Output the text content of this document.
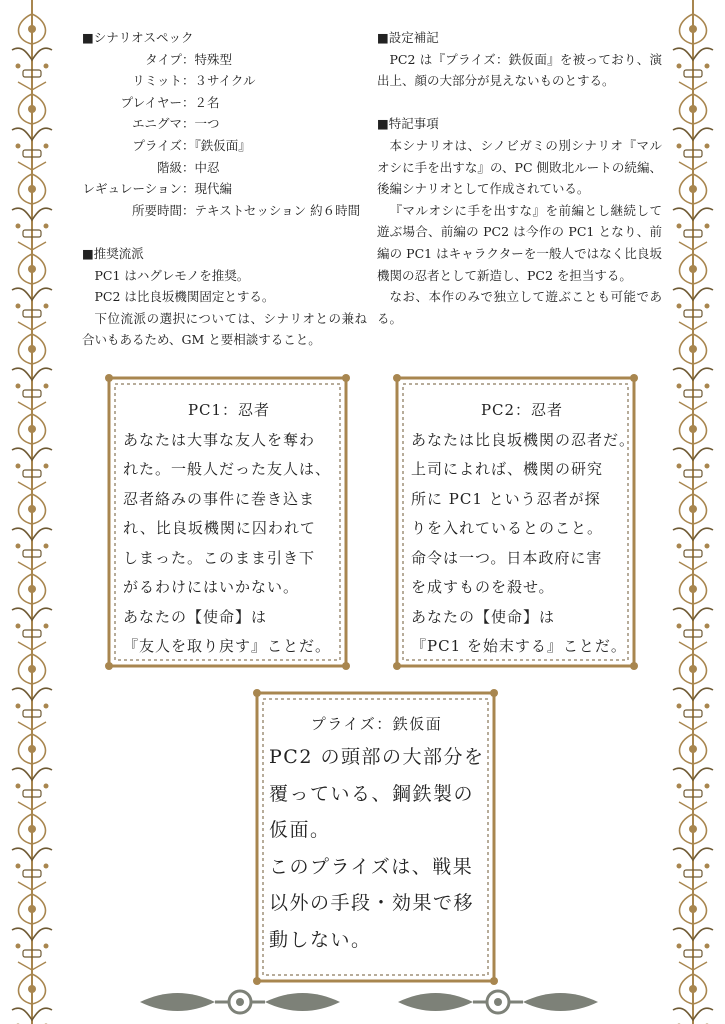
■シナリオスペック
タイプ：特殊型
リミット：３サイクル
プレイヤー：２名
エニグマ：一つ
プライズ：『鉄仮面』
階級：中忍
レギュレーション：現代編
所要時間：テキストセッション 約６時間
■推奨流派

PC1 はハグレモノを推奨。

PC2 は比良坂機関固定とする。

下位流派の選択については、シナリオとの兼ね合いもあるため、GM と要相談すること。

■設定補記

PC2 は『プライズ：鉄仮面』を被っており、演出上、顔の大部分が見えないものとする。

■特記事項

本シナリオは、シノビガミの別シナリオ『マルオシに手を出すな』の、PC 側敗北ルートの続編、後編シナリオとして作成されている。

『マルオシに手を出すな』を前編とし継続して遊ぶ場合、前編の PC2 は今作の PC1 となり、前編の PC1 はキャラクターを一般人ではなく比良坂機関の忍者として新造し、PC2 を担当する。

なお、本作のみで独立して遊ぶことも可能である。

PC1：忍者
あなたは大事な友人を奪わ
れた。一般人だった友人は、
忍者絡みの事件に巻き込ま
れ、比良坂機関に囚われて
しまった。このまま引き下
がるわけにはいかない。
あなたの【使命】は
『友人を取り戻す』ことだ。
PC2：忍者
あなたは比良坂機関の忍者だ。
上司によれば、機関の研究
所に PC1 という忍者が探
りを入れているとのこと。
命令は一つ。日本政府に害
を成すものを殺せ。
あなたの【使命】は
『PC1 を始末する』ことだ。
プライズ：鉄仮面
PC2 の頭部の大部分を
覆っている、鋼鉄製の
仮面。
このプライズは、戦果
以外の手段・効果で移
動しない。
